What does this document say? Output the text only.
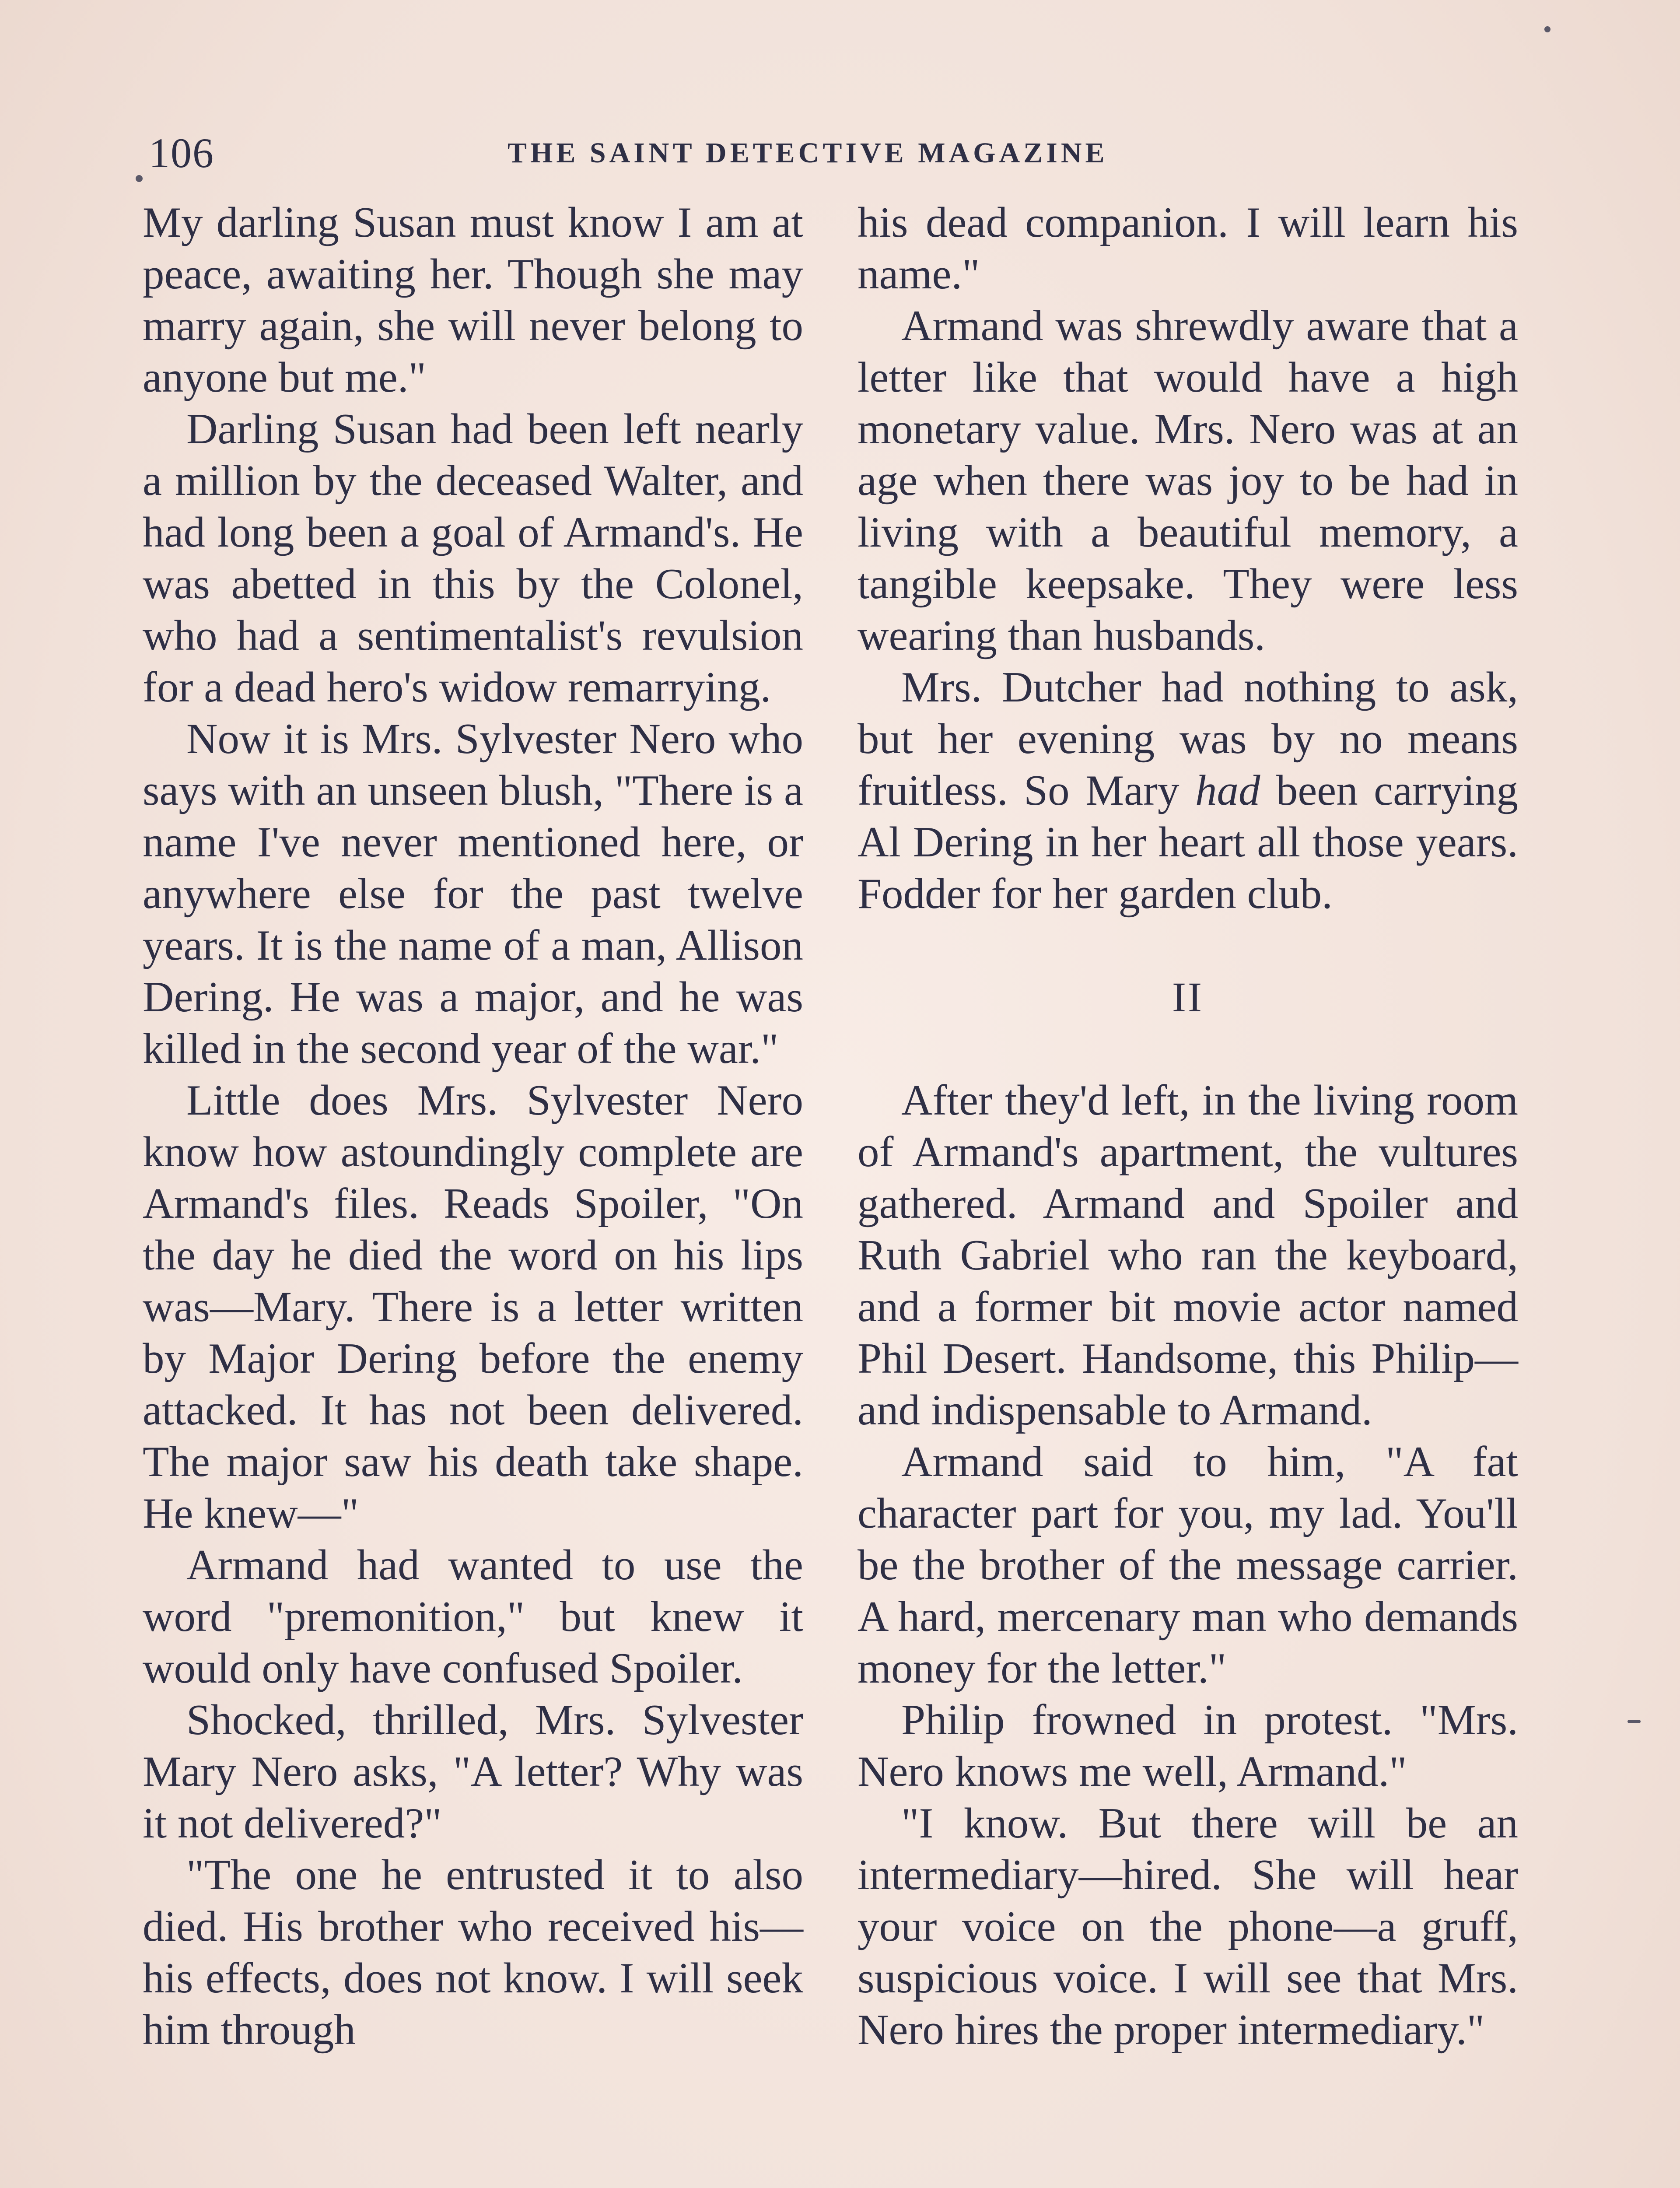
106	THE SAINT DETECTIVE MAGAZINE

My darling Susan must know I am at peace, awaiting her. Though she may marry again, she will never belong to anyone but me."

Darling Susan had been left nearly a million by the deceased Walter, and had long been a goal of Armand's. He was abetted in this by the Colonel, who had a sentimentalist's revulsion for a dead hero's widow remarrying.

Now it is Mrs. Sylvester Nero who says with an unseen blush, "There is a name I've never mentioned here, or anywhere else for the past twelve years. It is the name of a man, Allison Dering. He was a major, and he was killed in the second year of the war."

Little does Mrs. Sylvester Nero know how astoundingly complete are Armand's files. Reads Spoiler, "On the day he died the word on his lips was—Mary. There is a letter written by Major Dering before the enemy attacked. It has not been delivered. The major saw his death take shape. He knew—"

Armand had wanted to use the word "premonition," but knew it would only have confused Spoiler.

Shocked, thrilled, Mrs. Sylvester Mary Nero asks, "A letter? Why was it not delivered?"

"The one he entrusted it to also died. His brother who received his—his effects, does not know. I will seek him through

his dead companion. I will learn his name."

Armand was shrewdly aware that a letter like that would have a high monetary value. Mrs. Nero was at an age when there was joy to be had in living with a beautiful memory, a tangible keepsake. They were less wearing than husbands.

Mrs. Dutcher had nothing to ask, but her evening was by no means fruitless. So Mary had been carrying Al Dering in her heart all those years. Fodder for her garden club.

II

After they'd left, in the living room of Armand's apartment, the vultures gathered. Armand and Spoiler and Ruth Gabriel who ran the keyboard, and a former bit movie actor named Phil Desert. Handsome, this Philip—and indispensable to Armand.

Armand said to him, "A fat character part for you, my lad. You'll be the brother of the message carrier. A hard, mercenary man who demands money for the letter."

Philip frowned in protest. "Mrs. Nero knows me well, Armand."

"I know. But there will be an intermediary—hired. She will hear your voice on the phone—a gruff, suspicious voice. I will see that Mrs. Nero hires the proper intermediary."
